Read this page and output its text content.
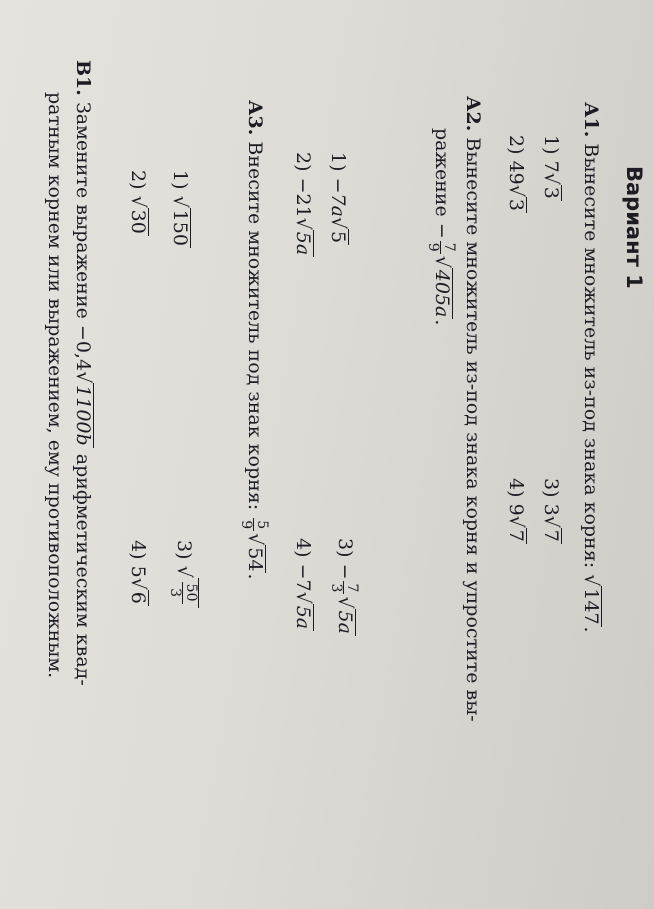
Вариант 1
А1. Вынесите множитель из-под знака корня: √147.
1) 7√3
2) 49√3
3) 3√7
4) 9√7
А2. Вынесите множитель из-под знака корня и упростите вы-
ражение −
7
9
√405a.
1) −7a√5
2) −21√5a
3) −
7
3
√5a
4) −7√5a
А3. Внесите множитель под знак корня:
5
9
√54.
1) √150
2) √30
3) √
50
3
4) 5√6
В1. Замените выражение −0,4√1100b арифметическим квад-
ратным корнем или выражением, ему противоположным.
